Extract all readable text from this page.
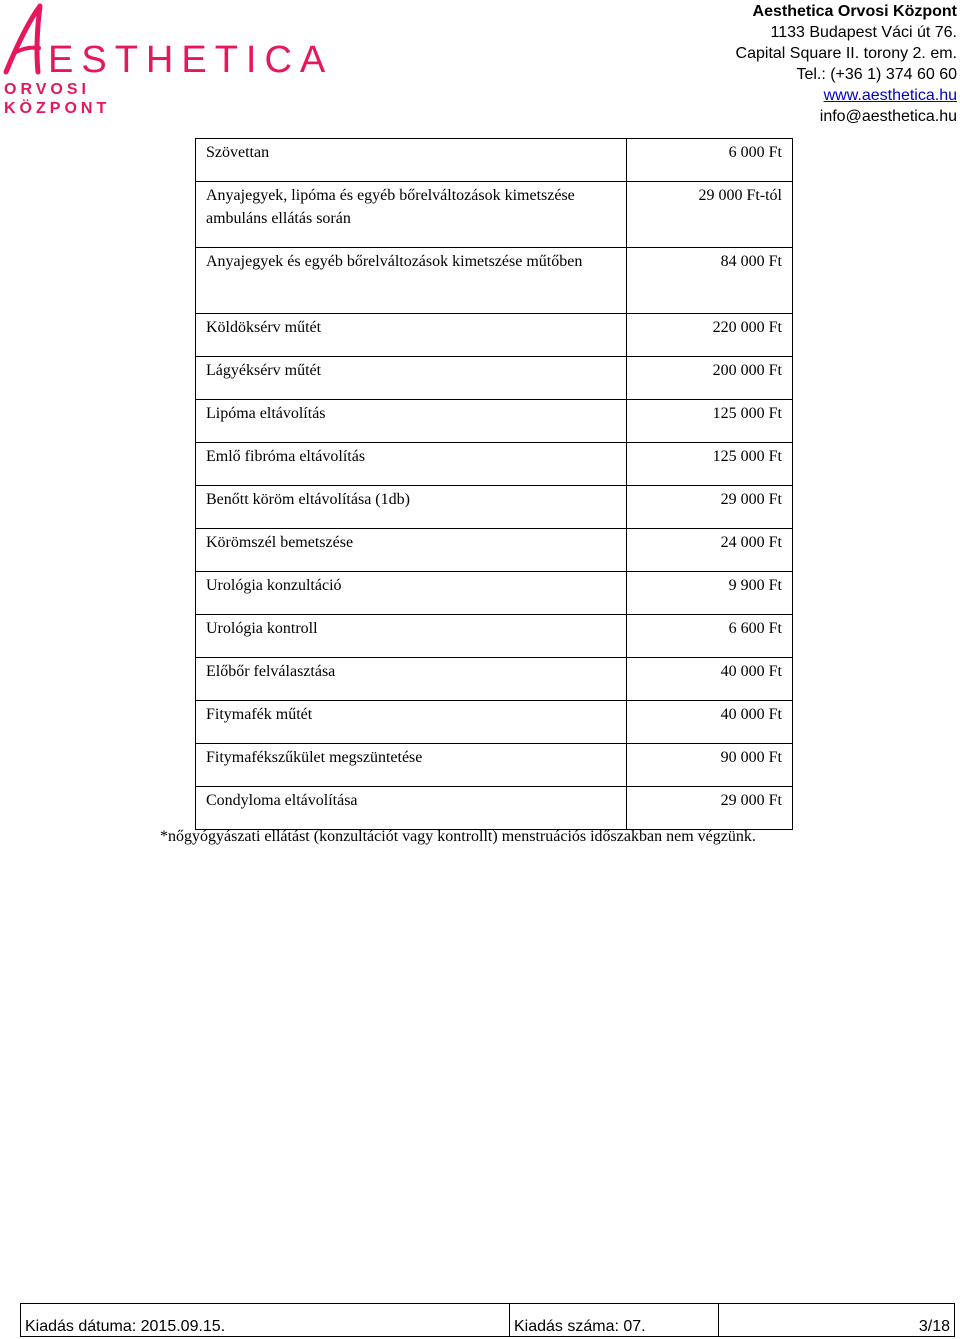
ESTHETICA
ORVOSI
KÖZPONT
Aesthetica Orvosi Központ
1133 Budapest Váci út 76.
Capital Square II. torony 2. em.
Tel.: (+36 1) 374 60 60
www.aesthetica.hu
info@aesthetica.hu
Szövettan	6 000 Ft
Anyajegyek, lipóma és egyéb bőrelváltozások kimetszése ambuláns ellátás során	29 000 Ft-tól
Anyajegyek és egyéb bőrelváltozások kimetszése műtőben	84 000 Ft
Köldöksérv műtét	220 000 Ft
Lágyéksérv műtét	200 000 Ft
Lipóma eltávolítás	125 000 Ft
Emlő fibróma eltávolítás	125 000 Ft
Benőtt köröm eltávolítása (1db)	29 000 Ft
Körömszél bemetszése	24 000 Ft
Urológia konzultáció	9 900 Ft
Urológia kontroll	6 600 Ft
Előbőr felválasztása	40 000 Ft
Fitymafék műtét	40 000 Ft
Fitymafékszűkület megszüntetése	90 000 Ft
Condyloma eltávolítása	29 000 Ft
*nőgyógyászati ellátást (konzultációt vagy kontrollt) menstruációs időszakban nem végzünk.
Kiadás dátuma: 2015.09.15.	Kiadás száma: 07.	3/18
